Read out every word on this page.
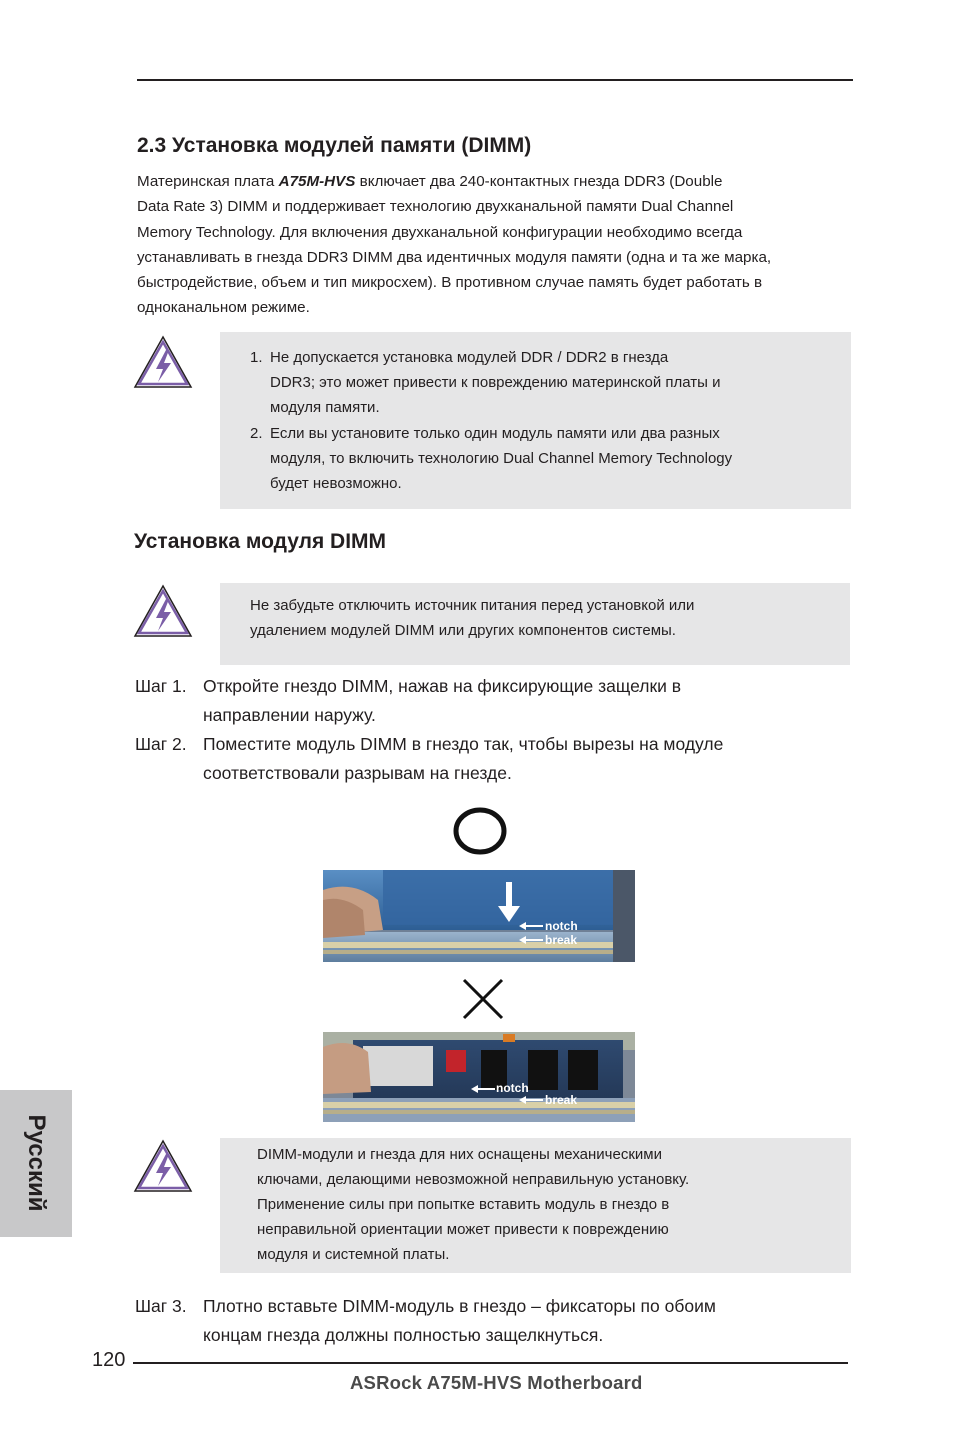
2.3 Установка модулей памяти (DIMM)
Материнская плата A75M-HVS включает два 240-контактных гнезда DDR3 (Double
Data Rate 3) DIMM и поддерживает технологию двухканальной памяти Dual Channel
Memory Technology. Для включения двухканальной конфигурации необходимо всегда
устанавливать в гнезда DDR3 DIMM два идентичных модуля памяти (одна и та же марка,
быстродействие, объем и тип микросхем). В противном случае память будет работать в
одноканальном режиме.
1. Не допускается установка модулей DDR / DDR2 в гнезда
DDR3; это может привести к повреждению материнской платы и
модуля памяти.
2. Если вы установите только один модуль памяти или два разных
модуля, то включить технологию Dual Channel Memory Technology
будет невозможно.
Установка модуля DIMM
Не забудьте отключить источник питания перед установкой или
удалением модулей DIMM или других компонентов системы.
Шаг 1. Откройте гнездо DIMM, нажав на фиксирующие защелки в
направлении наружу.
Шаг 2. Поместите модуль DIMM в гнездо так, чтобы вырезы на модуле
соответствовали разрывам на гнезде.
notch
break
notch
break
DIMM-модули и гнезда для них оснащены механическими
ключами, делающими невозможной неправильную установку.
Применение силы при попытке вставить модуль в гнездо в
неправильной ориентации может привести к повреждению
модуля и системной платы.
Шаг 3. Плотно вставьте DIMM-модуль в гнездо – фиксаторы по обоим
концам гнезда должны полностью защелкнуться.
Русский
120
ASRock A75M-HVS Motherboard
